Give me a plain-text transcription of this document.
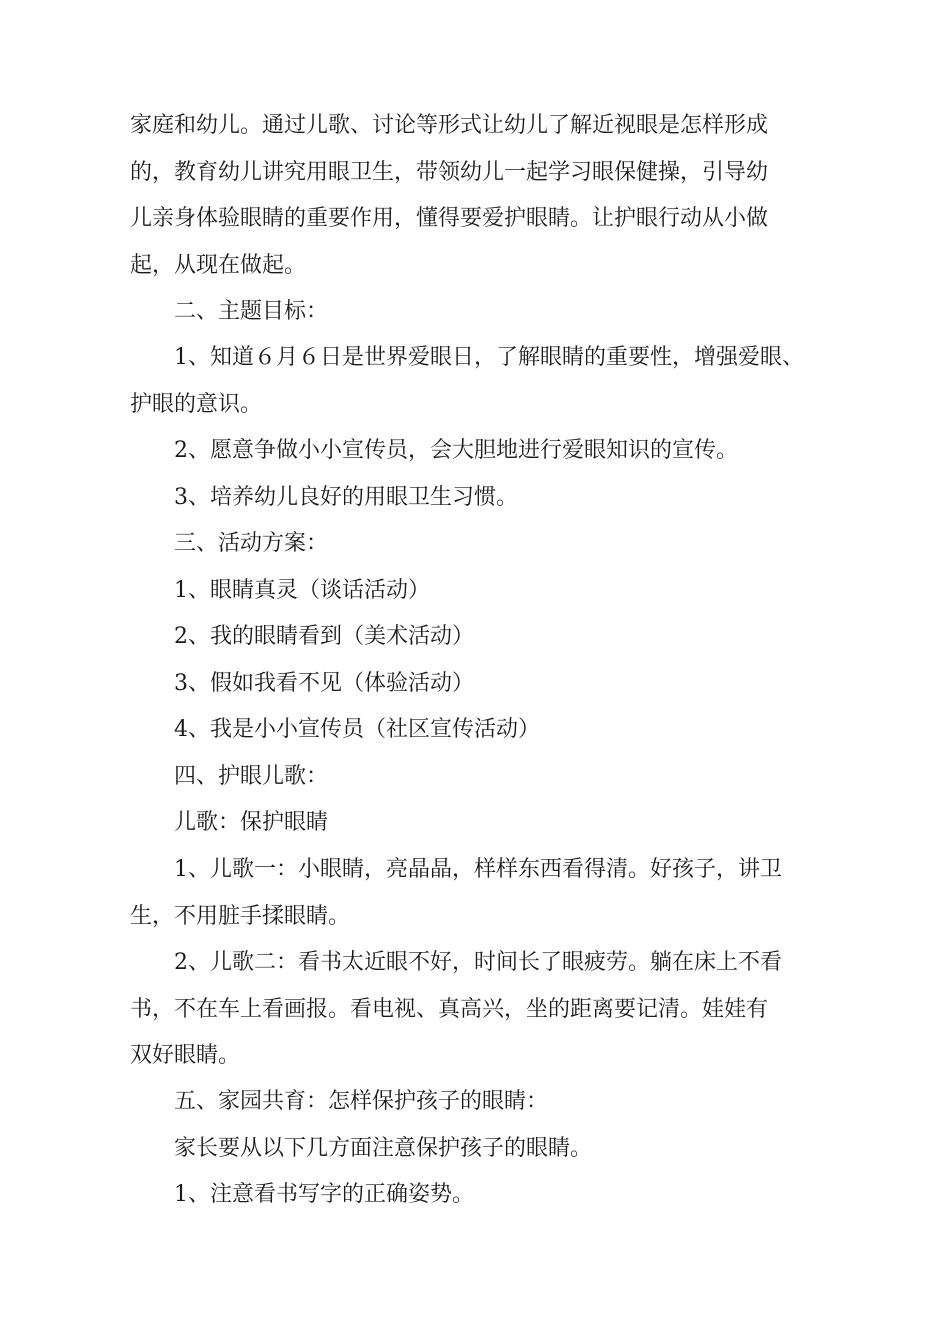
家庭和幼儿。通过儿歌、讨论等形式让幼儿了解近视眼是怎样形成
的，教育幼儿讲究用眼卫生，带领幼儿一起学习眼保健操，引导幼
儿亲身体验眼睛的重要作用，懂得要爱护眼睛。让护眼行动从小做
起，从现在做起。
二、主题目标：
1、知道６月６日是世界爱眼日，了解眼睛的重要性，增强爱眼、
护眼的意识。
2、愿意争做小小宣传员，会大胆地进行爱眼知识的宣传。
3、培养幼儿良好的用眼卫生习惯。
三、活动方案：
1、眼睛真灵（谈话活动）
2、我的眼睛看到（美术活动）
3、假如我看不见（体验活动）
4、我是小小宣传员（社区宣传活动）
四、护眼儿歌：
儿歌：保护眼睛
1、儿歌一：小眼睛，亮晶晶，样样东西看得清。好孩子，讲卫
生，不用脏手揉眼睛。
2、儿歌二：看书太近眼不好，时间长了眼疲劳。躺在床上不看
书，不在车上看画报。看电视、真高兴，坐的距离要记清。娃娃有
双好眼睛。
五、家园共育：怎样保护孩子的眼睛：
家长要从以下几方面注意保护孩子的眼睛。
1、注意看书写字的正确姿势。
